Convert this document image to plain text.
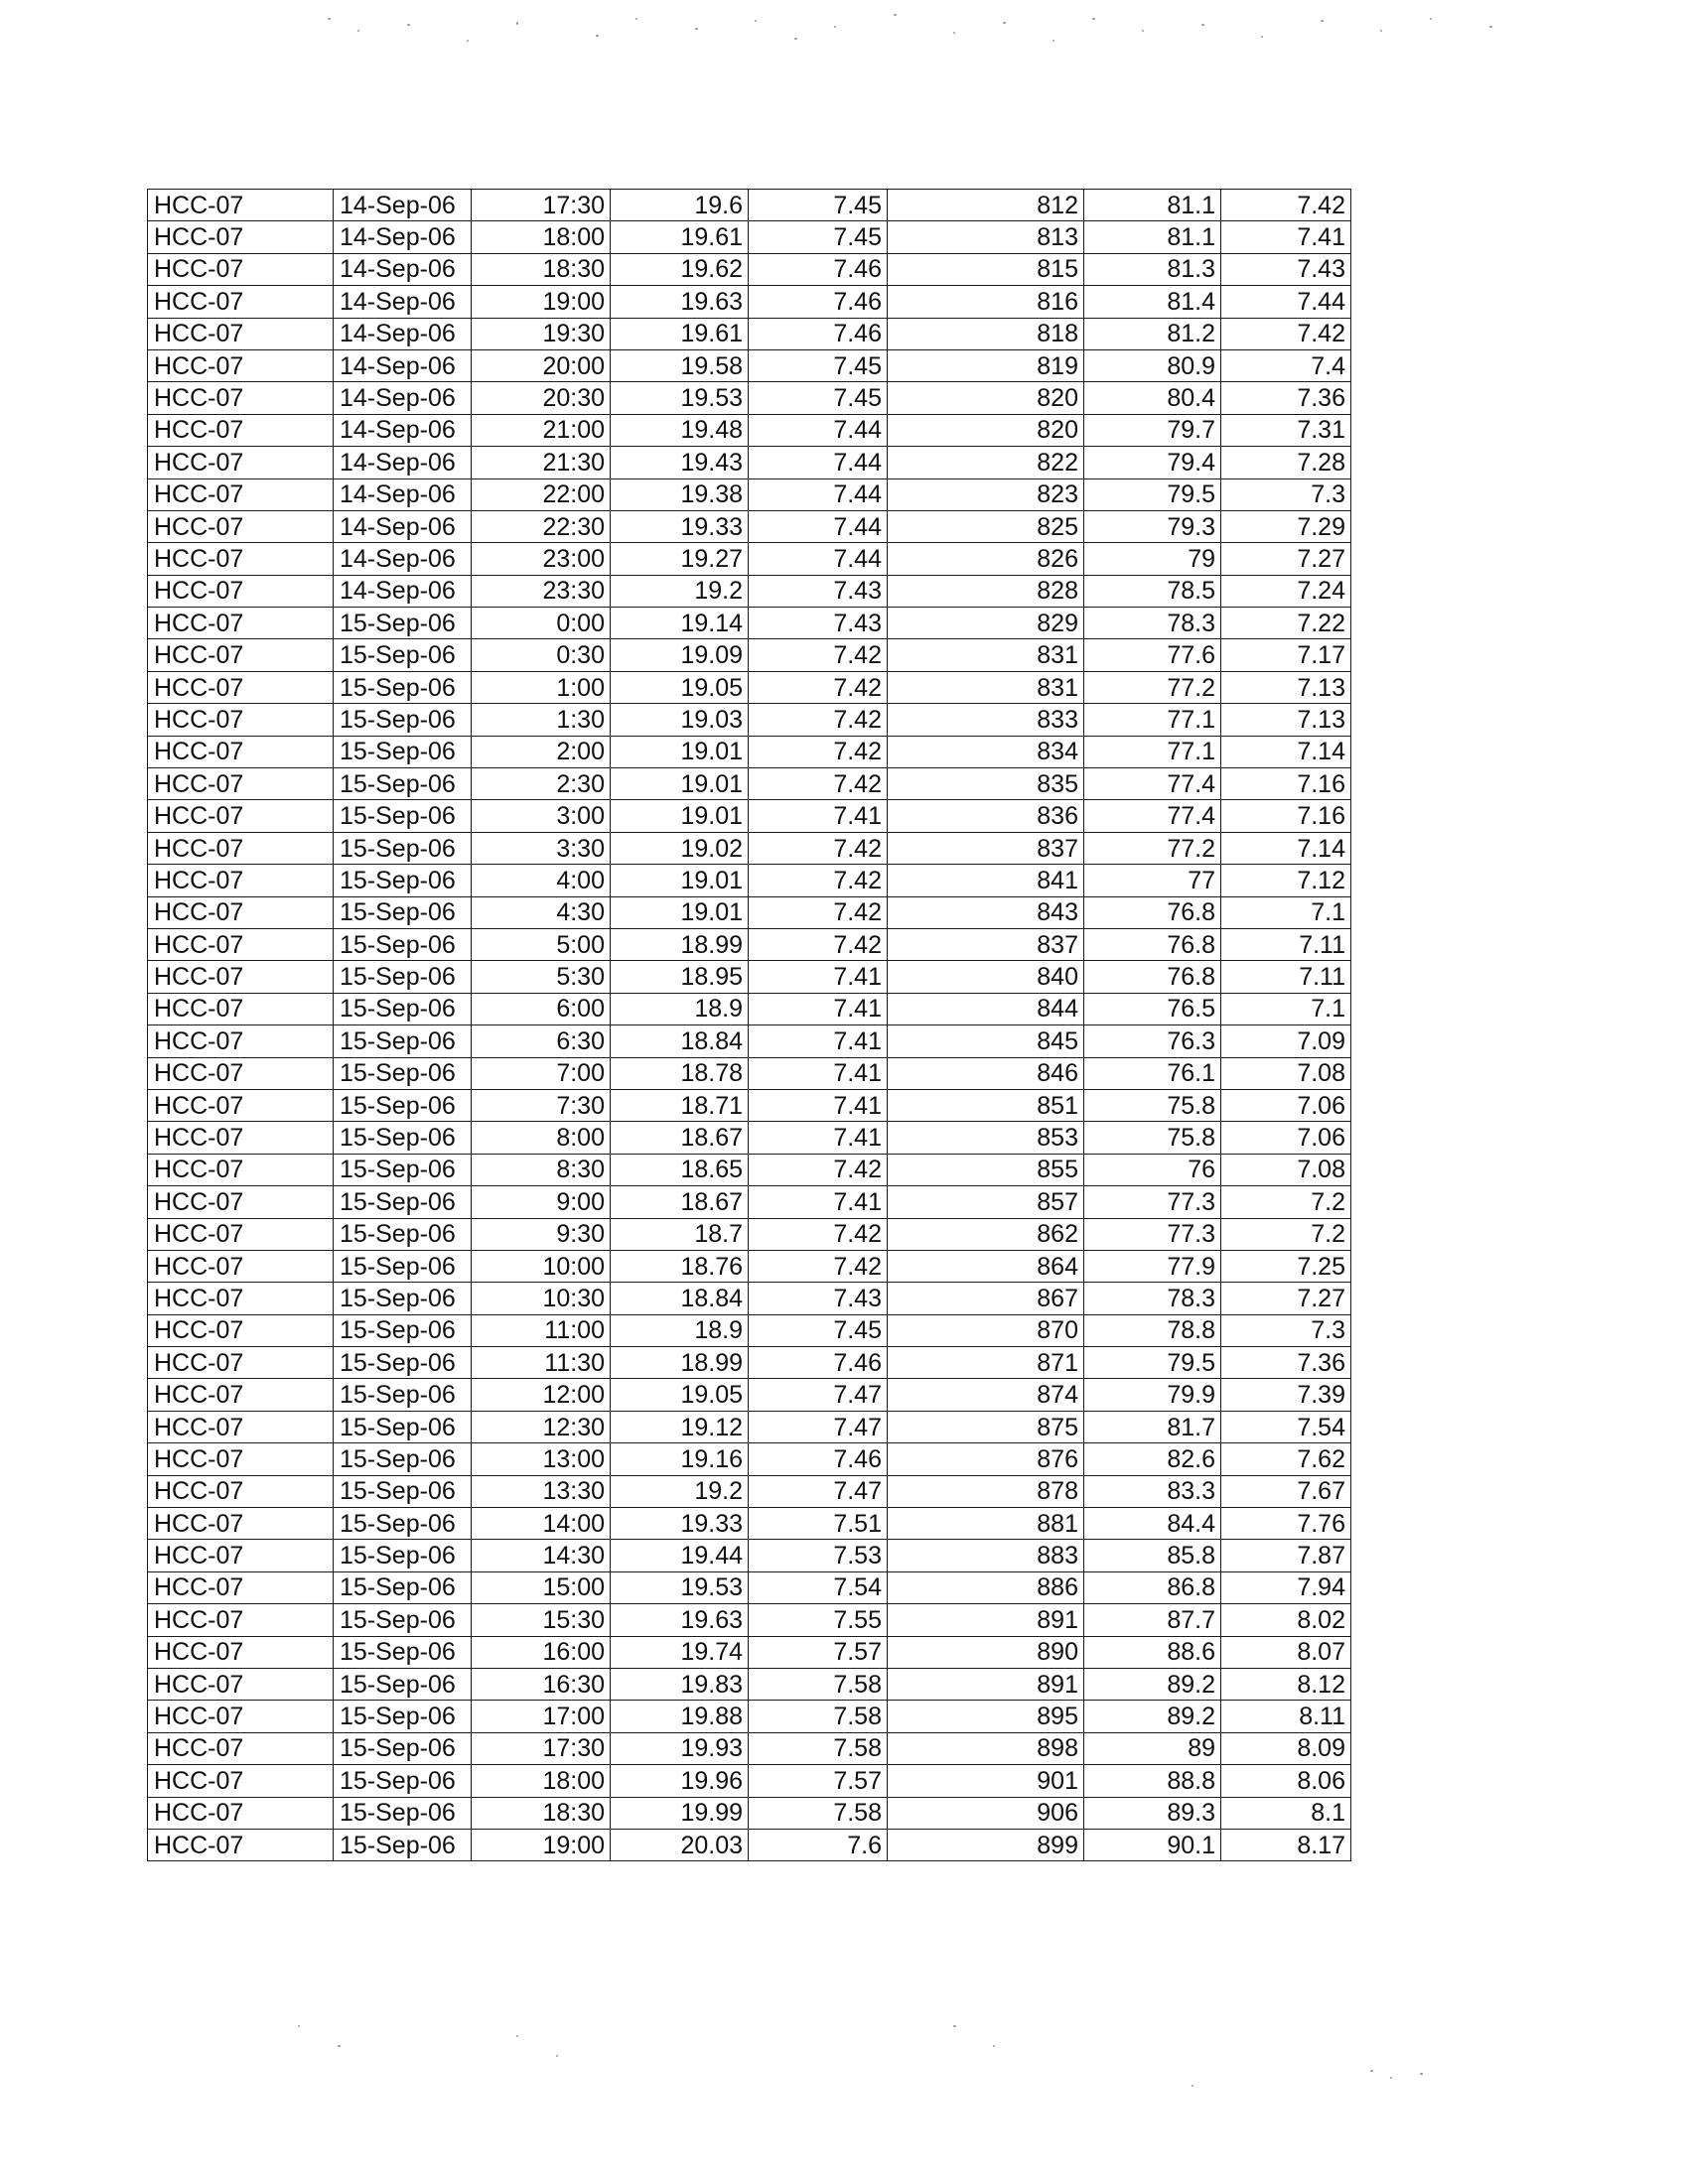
HCC-07	14-Sep-06	17:30	19.6	7.45	812	81.1	7.42
HCC-07	14-Sep-06	18:00	19.61	7.45	813	81.1	7.41
HCC-07	14-Sep-06	18:30	19.62	7.46	815	81.3	7.43
HCC-07	14-Sep-06	19:00	19.63	7.46	816	81.4	7.44
HCC-07	14-Sep-06	19:30	19.61	7.46	818	81.2	7.42
HCC-07	14-Sep-06	20:00	19.58	7.45	819	80.9	7.4
HCC-07	14-Sep-06	20:30	19.53	7.45	820	80.4	7.36
HCC-07	14-Sep-06	21:00	19.48	7.44	820	79.7	7.31
HCC-07	14-Sep-06	21:30	19.43	7.44	822	79.4	7.28
HCC-07	14-Sep-06	22:00	19.38	7.44	823	79.5	7.3
HCC-07	14-Sep-06	22:30	19.33	7.44	825	79.3	7.29
HCC-07	14-Sep-06	23:00	19.27	7.44	826	79	7.27
HCC-07	14-Sep-06	23:30	19.2	7.43	828	78.5	7.24
HCC-07	15-Sep-06	0:00	19.14	7.43	829	78.3	7.22
HCC-07	15-Sep-06	0:30	19.09	7.42	831	77.6	7.17
HCC-07	15-Sep-06	1:00	19.05	7.42	831	77.2	7.13
HCC-07	15-Sep-06	1:30	19.03	7.42	833	77.1	7.13
HCC-07	15-Sep-06	2:00	19.01	7.42	834	77.1	7.14
HCC-07	15-Sep-06	2:30	19.01	7.42	835	77.4	7.16
HCC-07	15-Sep-06	3:00	19.01	7.41	836	77.4	7.16
HCC-07	15-Sep-06	3:30	19.02	7.42	837	77.2	7.14
HCC-07	15-Sep-06	4:00	19.01	7.42	841	77	7.12
HCC-07	15-Sep-06	4:30	19.01	7.42	843	76.8	7.1
HCC-07	15-Sep-06	5:00	18.99	7.42	837	76.8	7.11
HCC-07	15-Sep-06	5:30	18.95	7.41	840	76.8	7.11
HCC-07	15-Sep-06	6:00	18.9	7.41	844	76.5	7.1
HCC-07	15-Sep-06	6:30	18.84	7.41	845	76.3	7.09
HCC-07	15-Sep-06	7:00	18.78	7.41	846	76.1	7.08
HCC-07	15-Sep-06	7:30	18.71	7.41	851	75.8	7.06
HCC-07	15-Sep-06	8:00	18.67	7.41	853	75.8	7.06
HCC-07	15-Sep-06	8:30	18.65	7.42	855	76	7.08
HCC-07	15-Sep-06	9:00	18.67	7.41	857	77.3	7.2
HCC-07	15-Sep-06	9:30	18.7	7.42	862	77.3	7.2
HCC-07	15-Sep-06	10:00	18.76	7.42	864	77.9	7.25
HCC-07	15-Sep-06	10:30	18.84	7.43	867	78.3	7.27
HCC-07	15-Sep-06	11:00	18.9	7.45	870	78.8	7.3
HCC-07	15-Sep-06	11:30	18.99	7.46	871	79.5	7.36
HCC-07	15-Sep-06	12:00	19.05	7.47	874	79.9	7.39
HCC-07	15-Sep-06	12:30	19.12	7.47	875	81.7	7.54
HCC-07	15-Sep-06	13:00	19.16	7.46	876	82.6	7.62
HCC-07	15-Sep-06	13:30	19.2	7.47	878	83.3	7.67
HCC-07	15-Sep-06	14:00	19.33	7.51	881	84.4	7.76
HCC-07	15-Sep-06	14:30	19.44	7.53	883	85.8	7.87
HCC-07	15-Sep-06	15:00	19.53	7.54	886	86.8	7.94
HCC-07	15-Sep-06	15:30	19.63	7.55	891	87.7	8.02
HCC-07	15-Sep-06	16:00	19.74	7.57	890	88.6	8.07
HCC-07	15-Sep-06	16:30	19.83	7.58	891	89.2	8.12
HCC-07	15-Sep-06	17:00	19.88	7.58	895	89.2	8.11
HCC-07	15-Sep-06	17:30	19.93	7.58	898	89	8.09
HCC-07	15-Sep-06	18:00	19.96	7.57	901	88.8	8.06
HCC-07	15-Sep-06	18:30	19.99	7.58	906	89.3	8.1
HCC-07	15-Sep-06	19:00	20.03	7.6	899	90.1	8.17
